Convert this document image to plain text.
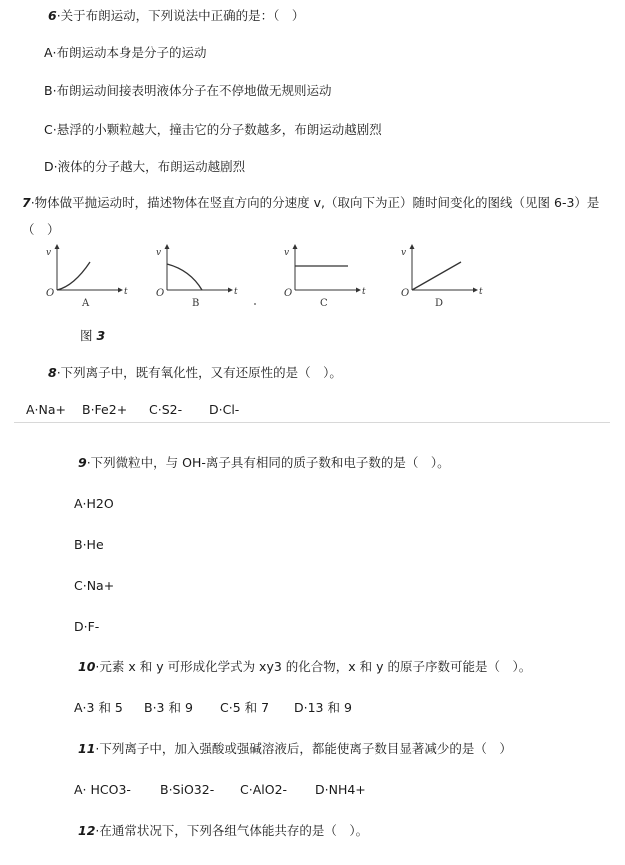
6·关于布朗运动，下列说法中正确的是：（　）
A·布朗运动本身是分子的运动
B·布朗运动间接表明液体分子在不停地做无规则运动
C·悬浮的小颗粒越大，撞击它的分子数越多，布朗运动越剧烈
D·液体的分子越大，布朗运动越剧烈
7·物体做平抛运动时，描述物体在竖直方向的分速度 v,（取向下为正）随时间变化的图线（见图 6-3）是
（　）
O
v
t
A
O
v
t
B
O
v
t
C
O
v
t
D
图 3
8·下列离子中，既有氧化性，又有还原性的是（　）。
A·Na+ B·Fe2+ C·S2- D·Cl-
9·下列微粒中，与 OH-离子具有相同的质子数和电子数的是（　）。
A·H2O
B·He
C·Na+
D·F-
10·元素 x 和 y 可形成化学式为 xy3 的化合物，x 和 y 的原子序数可能是（　）。
A·3 和 5 B·3 和 9 C·5 和 7 D·13 和 9
11·下列离子中，加入强酸或强碱溶液后，都能使离子数目显著减少的是（　）
A· HCO3- B·SiO32- C·AlO2- D·NH4+
12·在通常状况下，下列各组气体能共存的是（　）。
